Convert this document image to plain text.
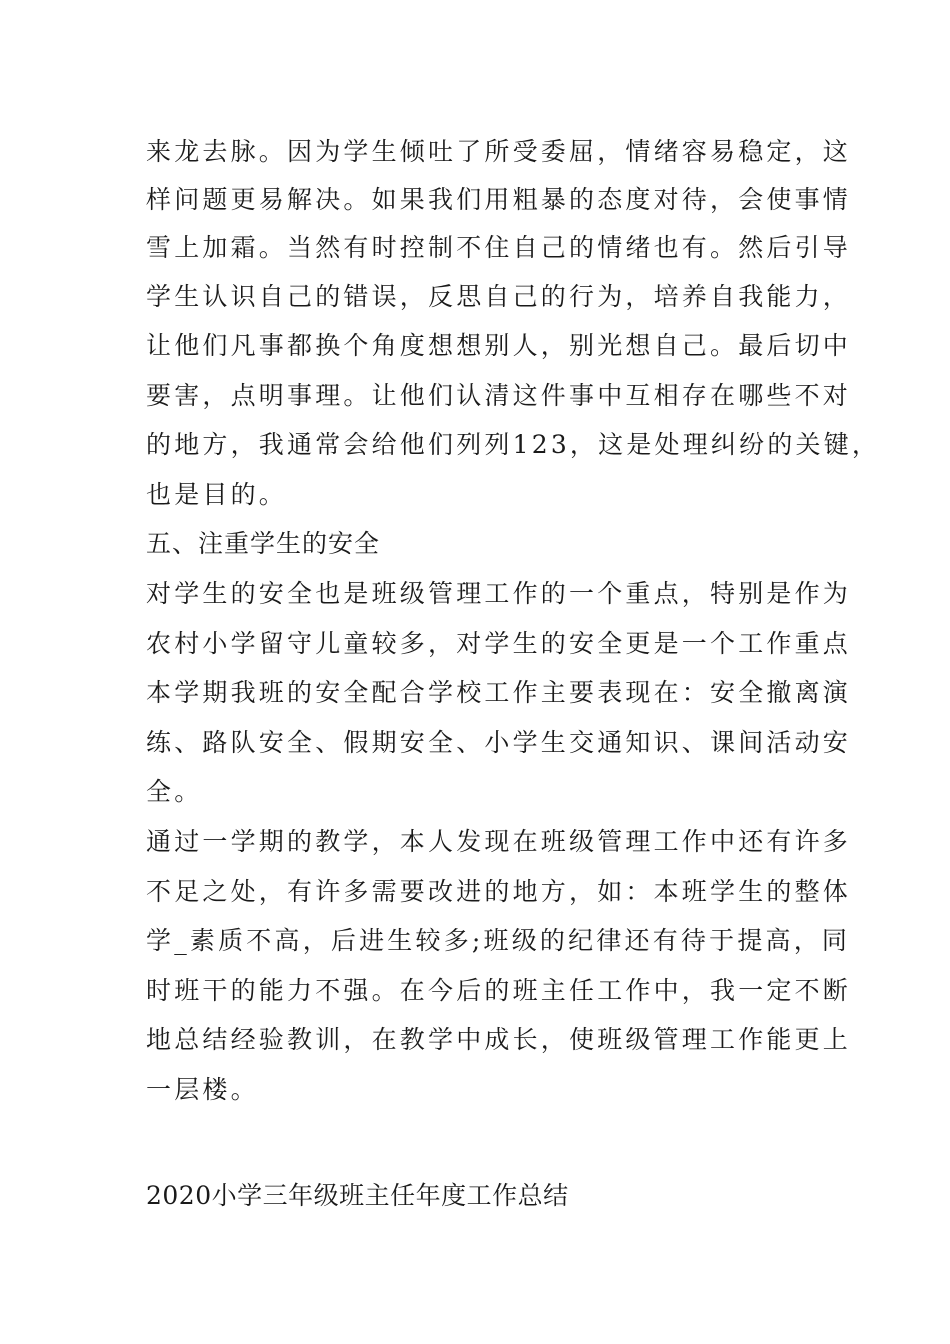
来龙去脉。因为学生倾吐了所受委屈，情绪容易稳定，这
样问题更易解决。如果我们用粗暴的态度对待，会使事情
雪上加霜。当然有时控制不住自己的情绪也有。然后引导
学生认识自己的错误，反思自己的行为，培养自我能力，
让他们凡事都换个角度想想别人，别光想自己。最后切中
要害，点明事理。让他们认清这件事中互相存在哪些不对
的地方，我通常会给他们列列123，这是处理纠纷的关键，
也是目的。
五、注重学生的安全
对学生的安全也是班级管理工作的一个重点，特别是作为
农村小学留守儿童较多，对学生的安全更是一个工作重点
本学期我班的安全配合学校工作主要表现在：安全撤离演
练、路队安全、假期安全、小学生交通知识、课间活动安
全。
通过一学期的教学，本人发现在班级管理工作中还有许多
不足之处，有许多需要改进的地方，如：本班学生的整体
学_素质不高，后进生较多;班级的纪律还有待于提高，同
时班干的能力不强。在今后的班主任工作中，我一定不断
地总结经验教训，在教学中成长，使班级管理工作能更上
一层楼。
2020小学三年级班主任年度工作总结
